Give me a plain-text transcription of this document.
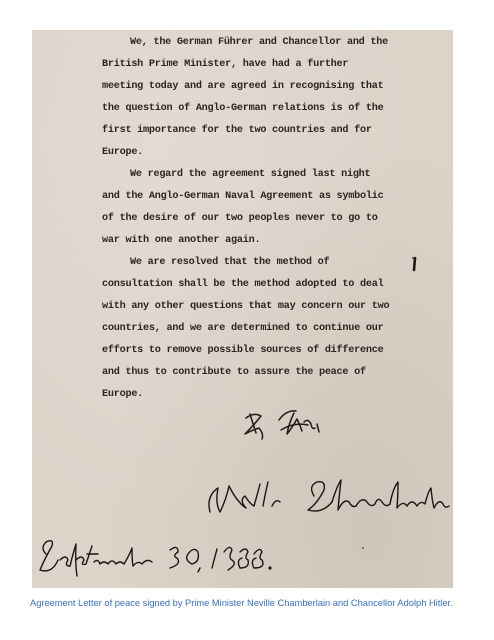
We, the German Führer and Chancellor and the
British Prime Minister, have had a further
meeting today and are agreed in recognising that
the question of Anglo-German relations is of the
first importance for the two countries and for
Europe.
We regard the agreement signed last night
and the Anglo-German Naval Agreement as symbolic
of the desire of our two peoples never to go to
war with one another again.
We are resolved that the method of
consultation shall be the method adopted to deal
with any other questions that may concern our two
countries, and we are determined to continue our
efforts to remove possible sources of difference
and thus to contribute to assure the peace of
Europe.
Agreement Letter of peace signed by Prime Minister Neville Chamberlain and Chancellor Adolph Hitler.
